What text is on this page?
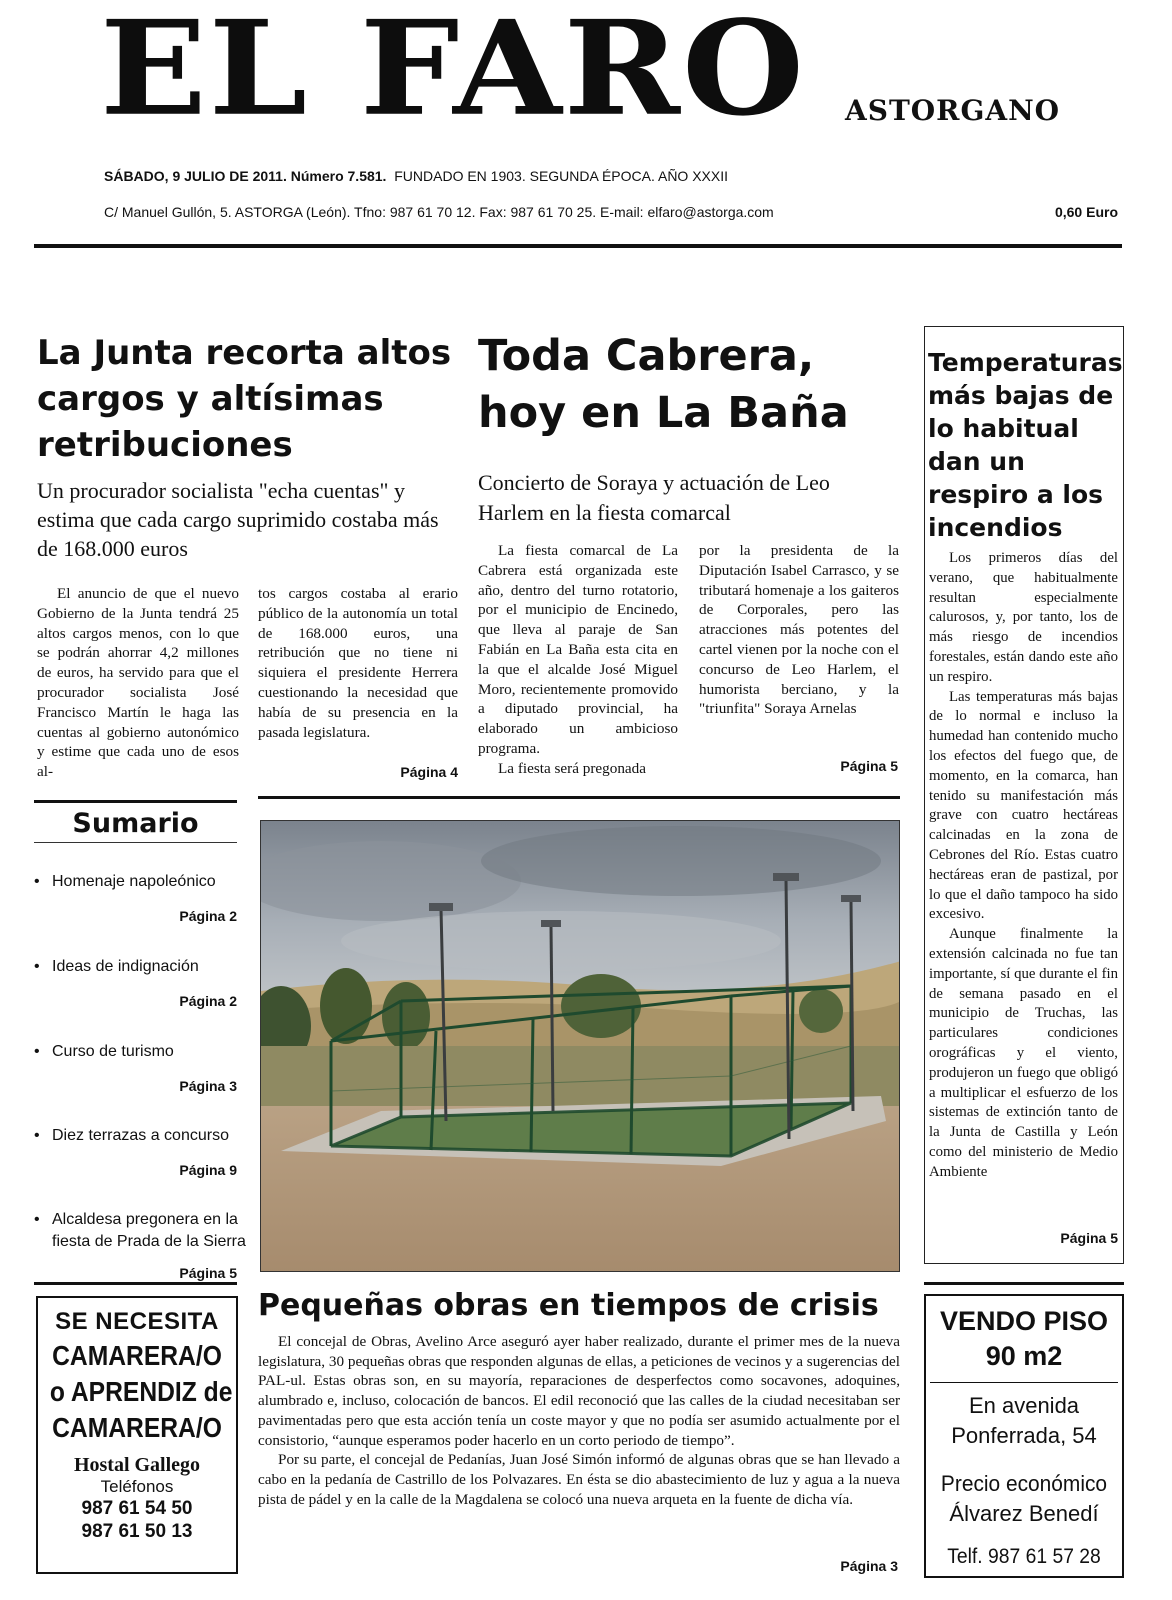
EL FARO ASTORGANO
SÁBADO, 9 JULIO DE 2011. Número 7.581. FUNDADO EN 1903. SEGUNDA ÉPOCA. AÑO XXXII
C/ Manuel Gullón, 5. ASTORGA (León). Tfno: 987 61 70 12. Fax: 987 61 70 25. E-mail: elfaro@astorga.com	0,60 Euro
La Junta recorta altos cargos y altísimas retribuciones

Un procurador socialista "echa cuentas" y estima que cada cargo suprimido costaba más de 168.000 euros

El anuncio de que el nuevo Gobierno de la Junta tendrá 25 altos cargos menos, con lo que se podrán ahorrar 4,2 millones de euros, ha servido para que el procurador socialista José Francisco Martín le haga las cuentas al gobierno autonómico y estime que cada uno de esos al-

tos cargos costaba al erario público de la autonomía un total de 168.000 euros, una retribución que no tiene ni siquiera el presidente Herrera cuestionando la necesidad que había de su presencia en la pasada legislatura.

Página 4
Toda Cabrera, hoy en La Baña

Concierto de Soraya y actuación de Leo Harlem en la fiesta comarcal

La fiesta comarcal de La Cabrera está organizada este año, dentro del turno rotatorio, por el municipio de Encinedo, que lleva al paraje de San Fabián en La Baña esta cita en la que el alcalde José Miguel Moro, recientemente promovido a diputado provincial, ha elaborado un ambicioso programa.

La fiesta será pregonada

por la presidenta de la Diputación Isabel Carrasco, y se tributará homenaje a los gaiteros de Corporales, pero las atracciones más potentes del cartel vienen por la noche con el concurso de Leo Harlem, el humorista berciano, y la "triunfita" Soraya Arnelas

Página 5
Temperaturas más bajas de lo habitual dan un respiro a los incendios

Los primeros días del verano, que habitualmente resultan especialmente calurosos, y, por tanto, los de más riesgo de incendios forestales, están dando este año un respiro.

Las temperaturas más bajas de lo normal e incluso la humedad han contenido mucho los efectos del fuego que, de momento, en la comarca, han tenido su manifestación más grave con cuatro hectáreas calcinadas en la zona de Cebrones del Río. Estas cuatro hectáreas eran de pastizal, por lo que el daño tampoco ha sido excesivo.

Aunque finalmente la extensión calcinada no fue tan importante, sí que durante el fin de semana pasado en el municipio de Truchas, las particulares condiciones orográficas y el viento, produjeron un fuego que obligó a multiplicar el esfuerzo de los sistemas de extinción tanto de la Junta de Castilla y León como del ministerio de Medio Ambiente

Página 5
Sumario
• Homenaje napoleónico
Página 2
• Ideas de indignación
Página 2
• Curso de turismo
Página 3
• Diez terrazas a concurso
Página 9
• Alcaldesa pregonera en la fiesta de Prada de la Sierra
Página 5
Pequeñas obras en tiempos de crisis

El concejal de Obras, Avelino Arce aseguró ayer haber realizado, durante el primer mes de la nueva legislatura, 30 pequeñas obras que responden algunas de ellas, a peticiones de vecinos y a sugerencias del PAL-ul. Estas obras son, en su mayoría, reparaciones de desperfectos como socavones, adoquines, alumbrado e, incluso, colocación de bancos. El edil reconoció que las calles de la ciudad necesitaban ser pavimentadas pero que esta acción tenía un coste mayor y que no podía ser asumido actualmente por el consistorio, “aunque esperamos poder hacerlo en un corto periodo de tiempo”.

Por su parte, el concejal de Pedanías, Juan José Simón informó de algunas obras que se han llevado a cabo en la pedanía de Castrillo de los Polvazares. En ésta se dio abastecimiento de luz y agua a la nueva pista de pádel y en la calle de la Magdalena se colocó una nueva arqueta en la fuente de dicha vía.

Página 3
SE NECESITA
CAMARERA/O
o APRENDIZ de
CAMARERA/O
Hostal Gallego
Teléfonos
987 61 54 50
987 61 50 13
VENDO PISO
90 m2
En avenida
Ponferrada, 54
Precio económico
Álvarez Benedí
Telf. 987 61 57 28
